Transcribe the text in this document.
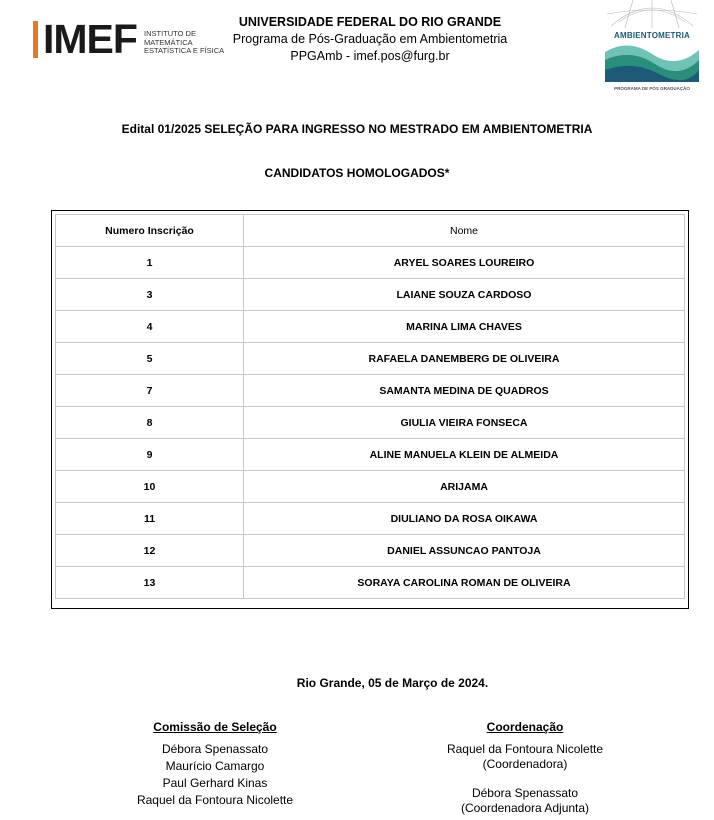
IMEF INSTITUTO DE
MATEMÁTICA
ESTATÍSTICA E FÍSICA
UNIVERSIDADE FEDERAL DO RIO GRANDE
Programa de Pós-Graduação em Ambientometria
PPGAmb - imef.pos@furg.br
AMBIENTOMETRIA
PROGRAMA DE PÓS GRADUAÇÃO
Edital 01/2025 SELEÇÃO PARA INGRESSO NO MESTRADO EM AMBIENTOMETRIA
CANDIDATOS HOMOLOGADOS*
Numero Inscrição	Nome
1	ARYEL SOARES LOUREIRO
3	LAIANE SOUZA CARDOSO
4	MARINA LIMA CHAVES
5	RAFAELA DANEMBERG DE OLIVEIRA
7	SAMANTA MEDINA DE QUADROS
8	GIULIA VIEIRA FONSECA
9	ALINE MANUELA KLEIN DE ALMEIDA
10	ARIJAMA
11	DIULIANO DA ROSA OIKAWA
12	DANIEL ASSUNCAO PANTOJA
13	SORAYA CAROLINA ROMAN DE OLIVEIRA
Rio Grande, 05 de Março de 2024.
Comissão de Seleção
Débora Spenassato
Maurício Camargo
Paul Gerhard Kinas
Raquel da Fontoura Nicolette
Coordenação
Raquel da Fontoura Nicolette
(Coordenadora)
Débora Spenassato
(Coordenadora Adjunta)
